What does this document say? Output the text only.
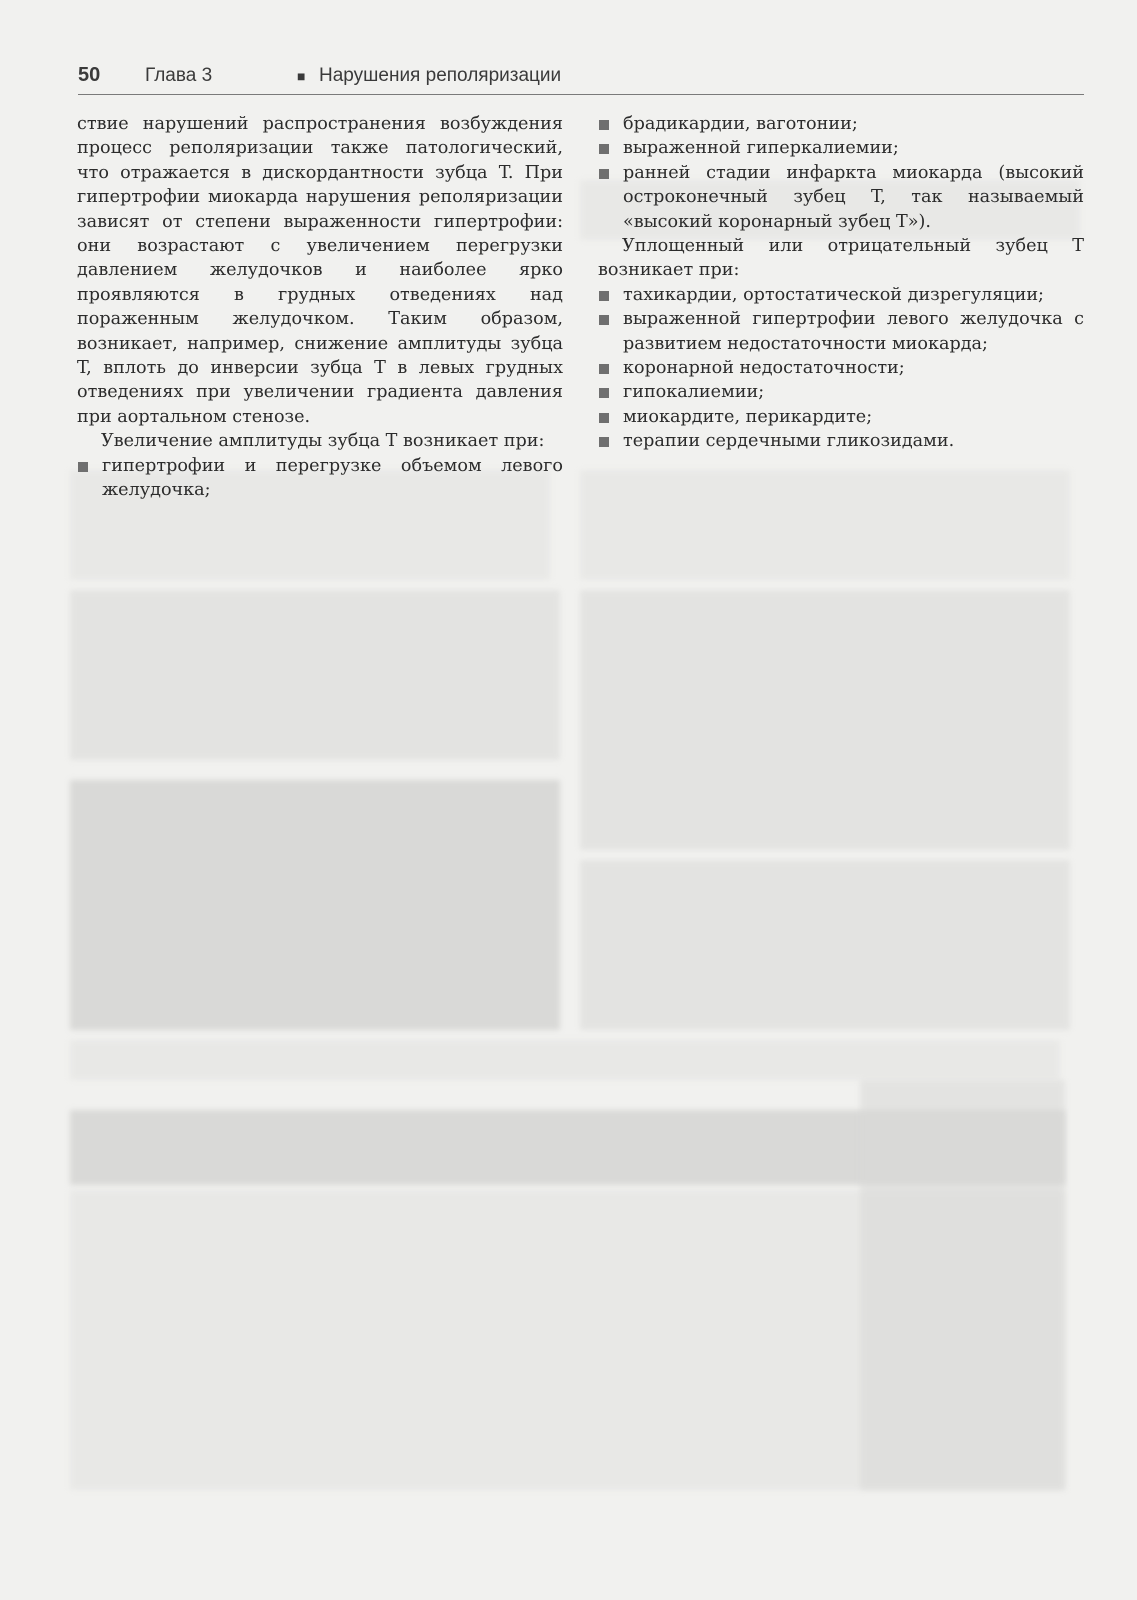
50 Глава 3	■ Нарушения реполяризации

ствие нарушений распространения возбуждения процесс реполяризации также патологический, что отражается в дискордантности зубца T. При гипертрофии миокарда нарушения реполяризации зависят от степени выраженности гипертрофии: они возрастают с увеличением перегрузки давлением желудочков и наиболее ярко проявляются в грудных отведениях над пораженным желудочком. Таким образом, возникает, например, снижение амплитуды зубца T, вплоть до инверсии зубца T в левых грудных отведениях при увеличении градиента давления при аортальном стенозе.

Увеличение амплитуды зубца T возникает при:

гипертрофии и перегрузке объемом левого желудочка;
брадикардии, ваготонии;
выраженной гиперкалиемии;
ранней стадии инфаркта миокарда (высокий остроконечный зубец T, так называемый «высокий коронарный зубец T»).

Уплощенный или отрицательный зубец T возникает при:

тахикардии, ортостатической дизрегуляции;
выраженной гипертрофии левого желудочка с развитием недостаточности миокарда;
коронарной недостаточности;
гипокалиемии;
миокардите, перикардите;
терапии сердечными гликозидами.
